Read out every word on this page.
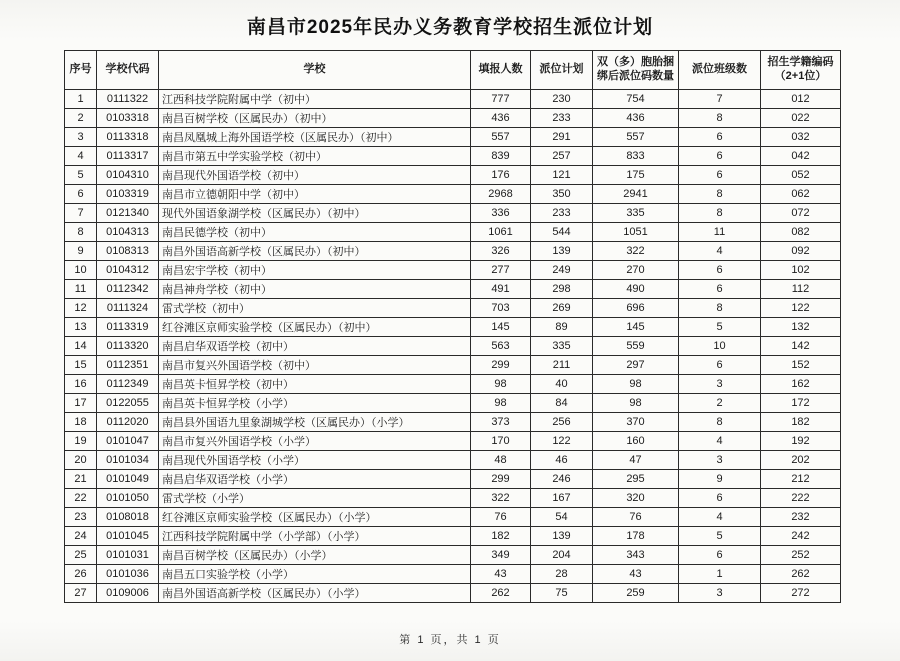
南昌市2025年民办义务教育学校招生派位计划
序号	学校代码	学校	填报人数	派位计划	双（多）胞胎捆绑后派位码数量	派位班级数	招生学籍编码（2+1位）
1	0111322	江西科技学院附属中学（初中）	777	230	754	7	012
2	0103318	南昌百树学校（区属民办）（初中）	436	233	436	8	022
3	0113318	南昌凤凰城上海外国语学校（区属民办）（初中）	557	291	557	6	032
4	0113317	南昌市第五中学实验学校（初中）	839	257	833	6	042
5	0104310	南昌现代外国语学校（初中）	176	121	175	6	052
6	0103319	南昌市立德朝阳中学（初中）	2968	350	2941	8	062
7	0121340	现代外国语象湖学校（区属民办）（初中）	336	233	335	8	072
8	0104313	南昌民德学校（初中）	1061	544	1051	11	082
9	0108313	南昌外国语高新学校（区属民办）（初中）	326	139	322	4	092
10	0104312	南昌宏宇学校（初中）	277	249	270	6	102
11	0112342	南昌神舟学校（初中）	491	298	490	6	112
12	0111324	雷式学校（初中）	703	269	696	8	122
13	0113319	红谷滩区京师实验学校（区属民办）（初中）	145	89	145	5	132
14	0113320	南昌启华双语学校（初中）	563	335	559	10	142
15	0112351	南昌市复兴外国语学校（初中）	299	211	297	6	152
16	0112349	南昌英卡恒昇学校（初中）	98	40	98	3	162
17	0122055	南昌英卡恒昇学校（小学）	98	84	98	2	172
18	0112020	南昌县外国语九里象湖城学校（区属民办）（小学）	373	256	370	8	182
19	0101047	南昌市复兴外国语学校（小学）	170	122	160	4	192
20	0101034	南昌现代外国语学校（小学）	48	46	47	3	202
21	0101049	南昌启华双语学校（小学）	299	246	295	9	212
22	0101050	雷式学校（小学）	322	167	320	6	222
23	0108018	红谷滩区京师实验学校（区属民办）（小学）	76	54	76	4	232
24	0101045	江西科技学院附属中学（小学部）（小学）	182	139	178	5	242
25	0101031	南昌百树学校（区属民办）（小学）	349	204	343	6	252
26	0101036	南昌五口实验学校（小学）	43	28	43	1	262
27	0109006	南昌外国语高新学校（区属民办）（小学）	262	75	259	3	272
第 1 页，共 1 页
